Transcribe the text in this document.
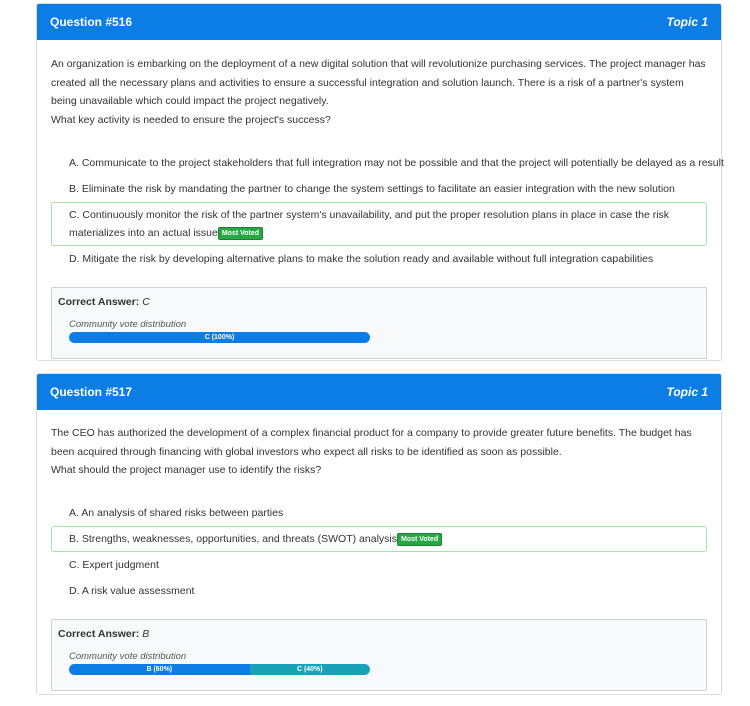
Question #516	Topic 1

An organization is embarking on the deployment of a new digital solution that will revolutionize purchasing services. The project manager has created all the necessary plans and activities to ensure a successful integration and solution launch. There is a risk of a partner's system being unavailable which could impact the project negatively.

What key activity is needed to ensure the project's success?

A. Communicate to the project stakeholders that full integration may not be possible and that the project will potentially be delayed as a result
B. Eliminate the risk by mandating the partner to change the system settings to facilitate an easier integration with the new solution
C. Continuously monitor the risk of the partner system's unavailability, and put the proper resolution plans in place in case the risk materializes into an actual issue Most Voted
D. Mitigate the risk by developing alternative plans to make the solution ready and available without full integration capabilities
Correct Answer: C
Community vote distribution
C (100%)
Question #517	Topic 1

The CEO has authorized the development of a complex financial product for a company to provide greater future benefits. The budget has been acquired through financing with global investors who expect all risks to be identified as soon as possible.

What should the project manager use to identify the risks?

A. An analysis of shared risks between parties
B. Strengths, weaknesses, opportunities, and threats (SWOT) analysis Most Voted
C. Expert judgment
D. A risk value assessment
Correct Answer: B
Community vote distribution
B (60%)	C (40%)
